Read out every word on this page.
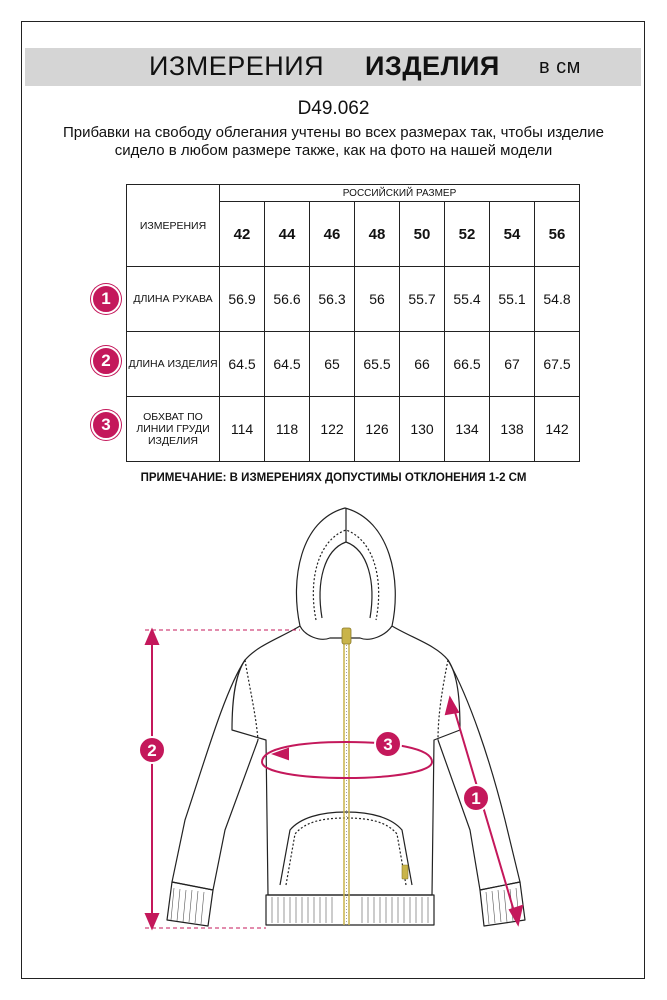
ИЗМЕРЕНИЯ ИЗДЕЛИЯ в см
D49.062
Прибавки на свободу облегания учтены во всех размерах так, чтобы изделие сидело в любом размере также, как на фото на нашей модели
ИЗМЕРЕНИЯ	РОССИЙСКИЙ РАЗМЕР							
	42	44	46	48	50	52	54	56
ДЛИНА РУКАВА	56.9	56.6	56.3	56	55.7	55.4	55.1	54.8
ДЛИНА ИЗДЕЛИЯ	64.5	64.5	65	65.5	66	66.5	67	67.5
ОБХВАТ ПО ЛИНИИ ГРУДИ ИЗДЕЛИЯ	114	118	122	126	130	134	138	142
1
2
3
ПРИМЕЧАНИЕ: В ИЗМЕРЕНИЯХ ДОПУСТИМЫ ОТКЛОНЕНИЯ 1-2 СМ
2	3
1
